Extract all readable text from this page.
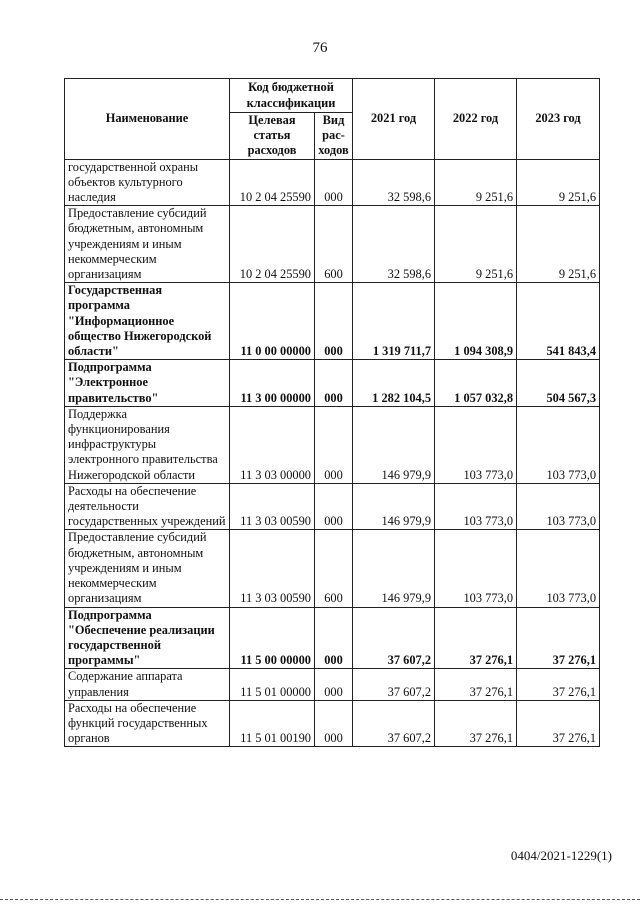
76
Наименование	Код бюджетной классификации		2021 год	2022 год	2023 год
	Целевая статья расходов	Вид рас-ходов			
государственной охраны объектов культурного наследия	10 2 04 25590	000	32 598,6	9 251,6	9 251,6
Предоставление субсидий бюджетным, автономным учреждениям и иным некоммерческим организациям	10 2 04 25590	600	32 598,6	9 251,6	9 251,6
Государственная программа "Информационное общество Нижегородской области"	11 0 00 00000	000	1 319 711,7	1 094 308,9	541 843,4
Подпрограмма "Электронное правительство"	11 3 00 00000	000	1 282 104,5	1 057 032,8	504 567,3
Поддержка функционирования инфраструктуры электронного правительства Нижегородской области	11 3 03 00000	000	146 979,9	103 773,0	103 773,0
Расходы на обеспечение деятельности государственных учреждений	11 3 03 00590	000	146 979,9	103 773,0	103 773,0
Предоставление субсидий бюджетным, автономным учреждениям и иным некоммерческим организациям	11 3 03 00590	600	146 979,9	103 773,0	103 773,0
Подпрограмма "Обеспечение реализации государственной программы"	11 5 00 00000	000	37 607,2	37 276,1	37 276,1
Содержание аппарата управления	11 5 01 00000	000	37 607,2	37 276,1	37 276,1
Расходы на обеспечение функций государственных органов	11 5 01 00190	000	37 607,2	37 276,1	37 276,1
0404/2021-1229(1)
